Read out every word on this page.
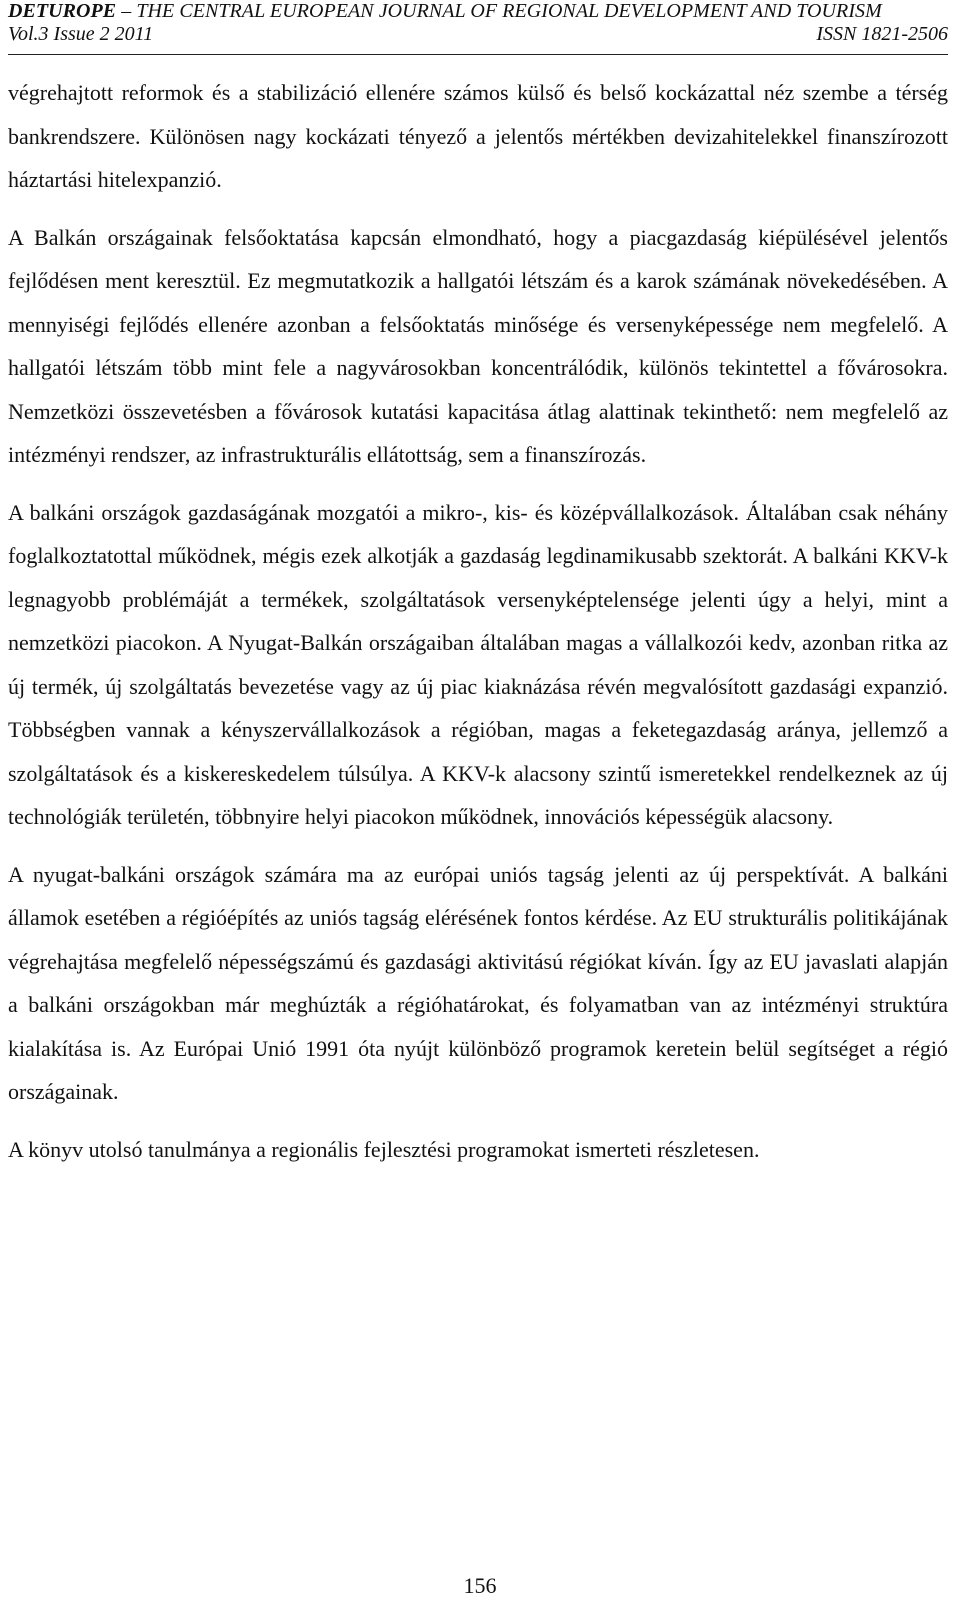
DETUROPE – THE CENTRAL EUROPEAN JOURNAL OF REGIONAL DEVELOPMENT AND TOURISM
Vol.3 Issue 2 2011	ISSN 1821-2506

végrehajtott reformok és a stabilizáció ellenére számos külső és belső kockázattal néz szembe a térség bankrendszere. Különösen nagy kockázati tényező a jelentős mértékben devizahitelekkel finanszírozott háztartási hitelexpanzió.

A Balkán országainak felsőoktatása kapcsán elmondható, hogy a piacgazdaság kiépülésével jelentős fejlődésen ment keresztül. Ez megmutatkozik a hallgatói létszám és a karok számának növekedésében. A mennyiségi fejlődés ellenére azonban a felsőoktatás minősége és versenyképessége nem megfelelő. A hallgatói létszám több mint fele a nagyvárosokban koncentrálódik, különös tekintettel a fővárosokra. Nemzetközi összevetésben a fővárosok kutatási kapacitása átlag alattinak tekinthető: nem megfelelő az intézményi rendszer, az infrastrukturális ellátottság, sem a finanszírozás.

A balkáni országok gazdaságának mozgatói a mikro-, kis- és középvállalkozások. Általában csak néhány foglalkoztatottal működnek, mégis ezek alkotják a gazdaság legdinamikusabb szektorát. A balkáni KKV-k legnagyobb problémáját a termékek, szolgáltatások versenyképtelensége jelenti úgy a helyi, mint a nemzetközi piacokon. A Nyugat-Balkán országaiban általában magas a vállalkozói kedv, azonban ritka az új termék, új szolgáltatás bevezetése vagy az új piac kiaknázása révén megvalósított gazdasági expanzió. Többségben vannak a kényszervállalkozások a régióban, magas a feketegazdaság aránya, jellemző a szolgáltatások és a kiskereskedelem túlsúlya. A KKV-k alacsony szintű ismeretekkel rendelkeznek az új technológiák területén, többnyire helyi piacokon működnek, innovációs képességük alacsony.

A nyugat-balkáni országok számára ma az európai uniós tagság jelenti az új perspektívát. A balkáni államok esetében a régióépítés az uniós tagság elérésének fontos kérdése. Az EU strukturális politikájának végrehajtása megfelelő népességszámú és gazdasági aktivitású régiókat kíván. Így az EU javaslati alapján a balkáni országokban már meghúzták a régióhatárokat, és folyamatban van az intézményi struktúra kialakítása is. Az Európai Unió 1991 óta nyújt különböző programok keretein belül segítséget a régió országainak.

A könyv utolsó tanulmánya a regionális fejlesztési programokat ismerteti részletesen.

156
